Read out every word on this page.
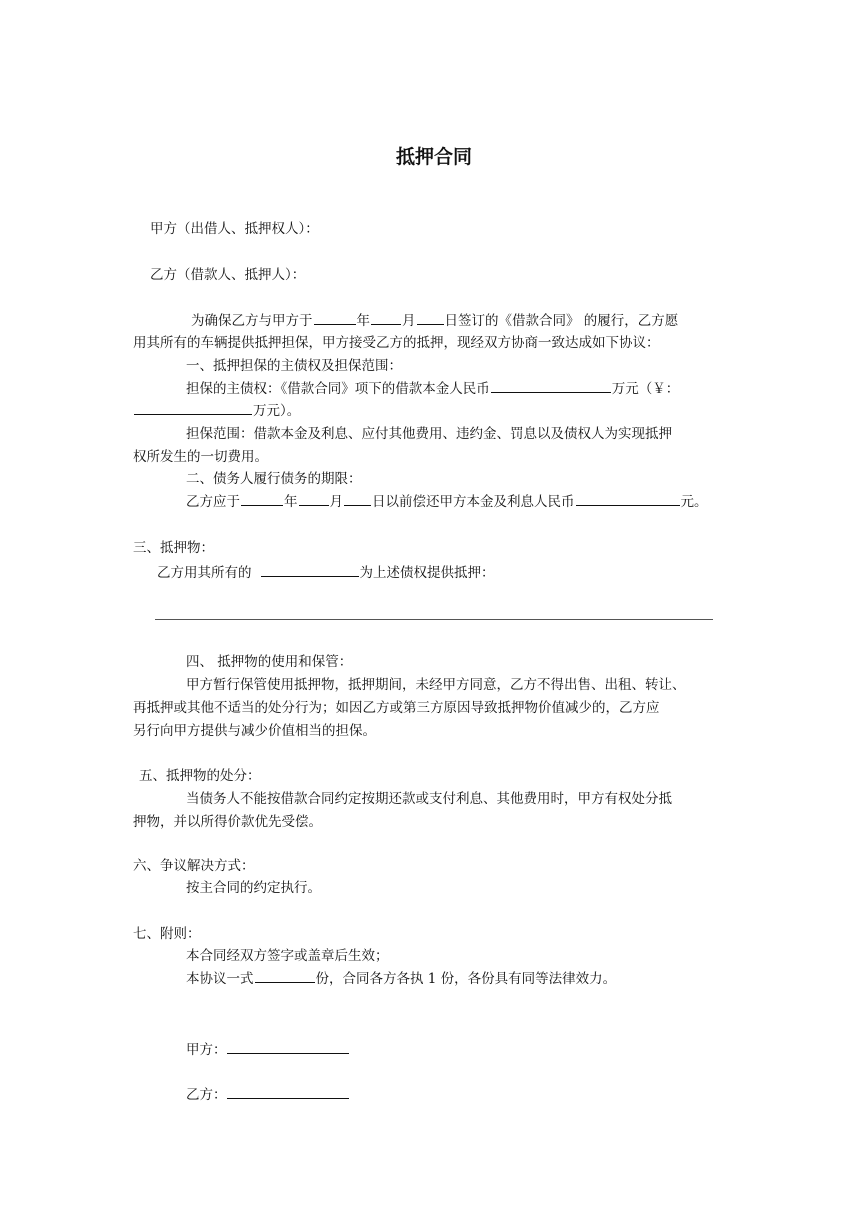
抵押合同
甲方（出借人、抵押权人）：
乙方（借款人、抵押人）：
为确保乙方与甲方于	年 月 日签订的《借款合同》 的履行，乙方愿
用其所有的车辆提供抵押担保，甲方接受乙方的抵押，现经双方协商一致达成如下协议：
一、抵押担保的主债权及担保范围：
担保的主债权：《借款合同》项下的借款本金人民币	万元（￥：
万元）。
担保范围：借款本金及利息、应付其他费用、违约金、罚息以及债权人为实现抵押
权所发生的一切费用。
二、债务人履行债务的期限：
乙方应于	年 月 日以前偿还甲方本金及利息人民币	元。
三、抵押物：
乙方用其所有的	为上述债权提供抵押：
四、 抵押物的使用和保管：
甲方暂行保管使用抵押物，抵押期间，未经甲方同意，乙方不得出售、出租、转让、
再抵押或其他不适当的处分行为；如因乙方或第三方原因导致抵押物价值减少的，乙方应
另行向甲方提供与减少价值相当的担保。
五、抵押物的处分：
当债务人不能按借款合同约定按期还款或支付利息、其他费用时，甲方有权处分抵
押物，并以所得价款优先受偿。
六、争议解决方式：
按主合同的约定执行。
七、附则：
本合同经双方签字或盖章后生效；
本协议一式	份，合同各方各执 1 份，各份具有同等法律效力。
甲方：
乙方：
